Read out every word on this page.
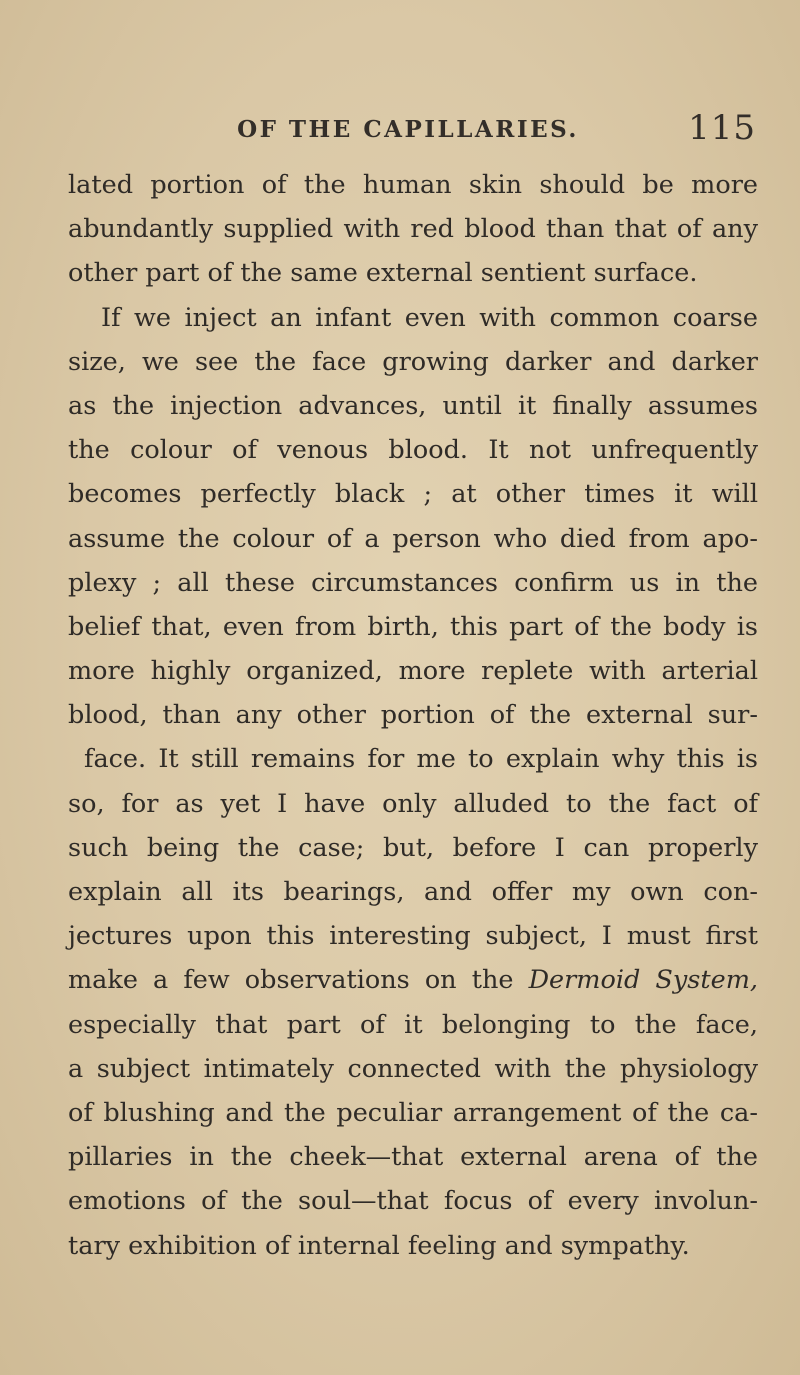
OF THE CAPILLARIES.	115
lated portion of the human skin should be more
abundantly supplied with red blood than that of any
other part of the same external sentient surface.
If we inject an infant even with common coarse
size, we see the face growing darker and darker
as the injection advances, until it finally assumes
the colour of venous blood. It not unfrequently
becomes perfectly black ; at other times it will
assume the colour of a person who died from apo-
plexy ; all these circumstances confirm us in the
belief that, even from birth, this part of the body is
more highly organized, more replete with arterial
blood, than any other portion of the external sur-
face. It still remains for me to explain why this is
so, for as yet I have only alluded to the fact of
such being the case; but, before I can properly
explain all its bearings, and offer my own con-
jectures upon this interesting subject, I must first
make a few observations on the Dermoid System,
especially that part of it belonging to the face,
a subject intimately connected with the physiology
of blushing and the peculiar arrangement of the ca-
pillaries in the cheek—that external arena of the
emotions of the soul—that focus of every involun-
tary exhibition of internal feeling and sympathy.
